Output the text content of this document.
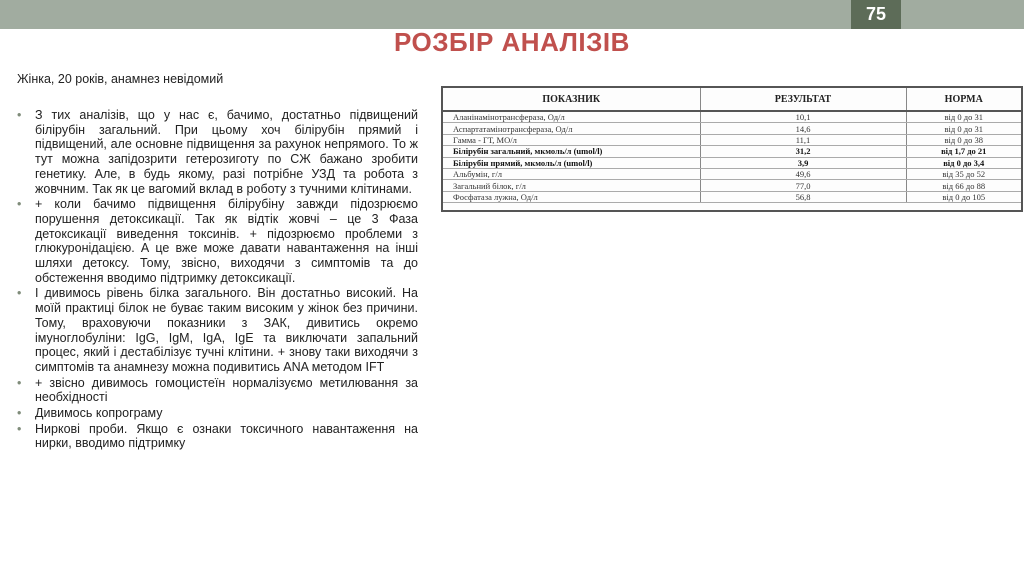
75
РОЗБІР АНАЛІЗІВ
Жінка, 20 років, анамнез невідомий
• З тих аналізів, що у нас є, бачимо, достатньо підвищений білірубін загальний. При цьому хоч білірубін прямий і підвищений, але основне підвищення за рахунок непрямого. То ж тут можна запідозрити гетерозиготу по СЖ бажано зробити генетику. Але, в будь якому, разі потрібне УЗД та робота з жовчним. Так як це вагомий вклад в роботу з тучними клітинами.
• + коли бачимо підвищення білірубіну завжди підозрюємо порушення детоксикації. Так як відтік жовчі – це 3 Фаза детоксикації виведення токсинів. + підозрюємо проблеми з глюкуронідацією. А це вже може давати навантаження на інші шляхи детоксу. Тому, звісно, виходячи з симптомів та до обстеження вводимо підтримку детоксикації.
• І дивимось рівень білка загального. Він достатньо високий. На моїй практиці білок не буває таким високим у жінок без причини. Тому, враховуючи показники з ЗАК, дивитись окремо імуноглобуліни: IgG, IgM, IgA, IgE та виключати запальний процес, який і дестабілізує тучні клітини. + знову таки виходячи з симптомів та анамнезу можна подивитись ANA методом IFT
• + звісно дивимось гомоцистеїн нормалізуємо метилювання за необхідності
• Дивимось копрограму
• Ниркові проби. Якщо є ознаки токсичного навантаження на нирки, вводимо підтримку
ПОКАЗНИК	РЕЗУЛЬТАТ	НОРМА
Аланінамінотрансфераза, Од/л	10,1	від 0 до 31
Аспартатамінотрансфераза, Од/л	14,6	від 0 до 31
Гамма - ГТ, МО/л	11,1	від 0 до 38
Білірубін загальний, мкмоль/л (umol/l)	31,2	від 1,7 до 21
Білірубін прямий, мкмоль/л (umol/l)	3,9	від 0 до 3,4
Альбумін, г/л	49,6	від 35 до 52
Загальний білок, г/л	77,0	від 66 до 88
Фосфатаза лужна, Од/л	56,8	від 0 до 105
